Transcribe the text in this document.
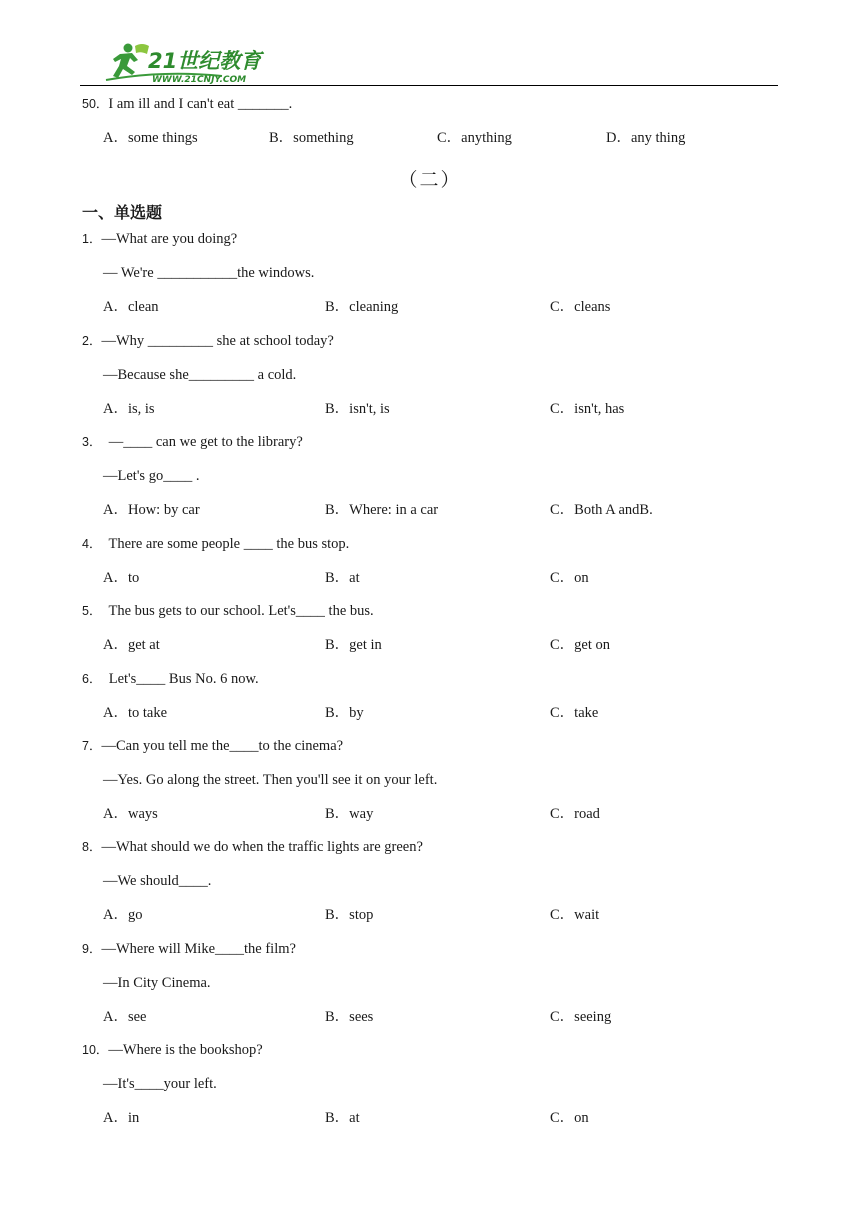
21世纪教育
WWW.21CNJY.COM
50．I am ill and I can't eat _______.
A．some things	B．something	C．anything	D．any thing
（二）
一、单选题
1．—What are you doing?
— We're ___________the windows.
A．clean	B．cleaning	C．cleans
2．—Why _________ she at school today?
—Because she_________ a cold.
A．is, is	B．isn't, is	C．isn't, has
3． —____ can we get to the library?
—Let's go____ .
A．How: by car	B．Where: in a car	C．Both A andB.
4． There are some people ____ the bus stop.
A．to	B．at	C．on
5． The bus gets to our school. Let's____ the bus.
A．get at	B．get in	C．get on
6． Let's____ Bus No. 6 now.
A．to take	B．by	C．take
7．—Can you tell me the____to the cinema?
—Yes. Go along the street. Then you'll see it on your left.
A．ways	B．way	C．road
8．—What should we do when the traffic lights are green?
—We should____.
A．go	B．stop	C．wait
9．—Where will Mike____the film?
—In City Cinema.
A．see	B．sees	C．seeing
10．—Where is the bookshop?
—It's____your left.
A．in	B．at	C．on
